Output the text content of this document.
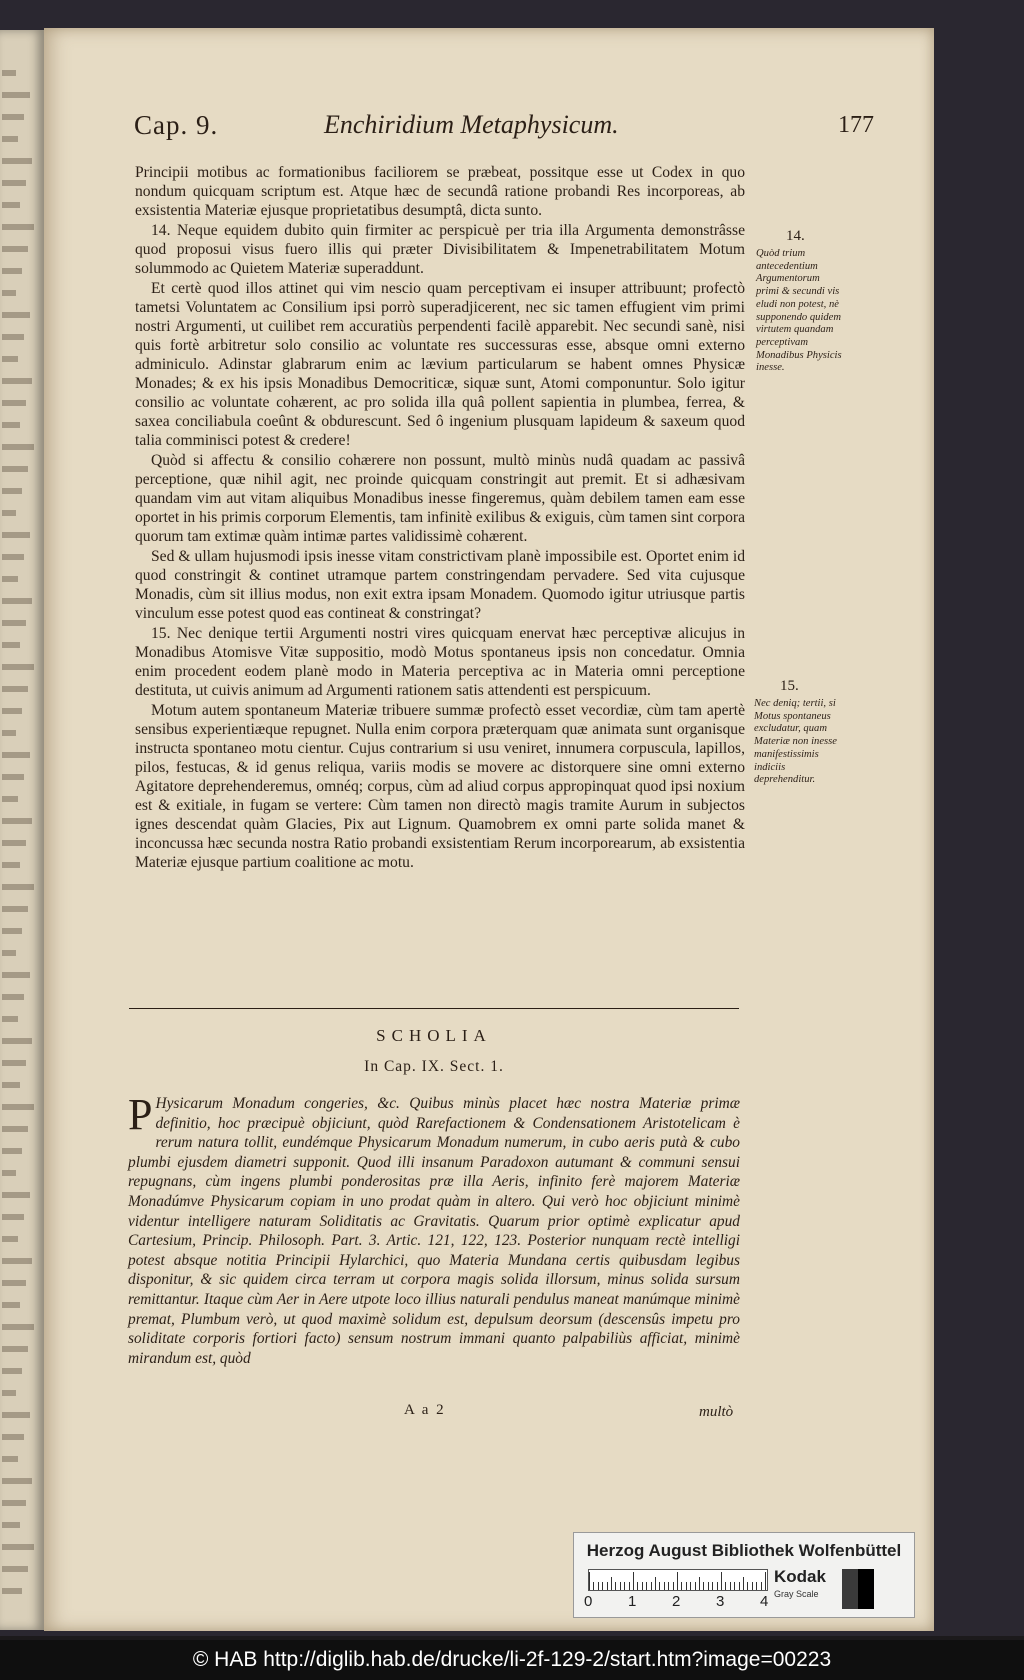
Cap. 9.	Enchiridium Metaphysicum.	177

Principii motibus ac formationibus faciliorem se præbeat, possitque esse ut Codex in quo nondum quicquam scriptum est. Atque hæc de secundâ ratione probandi Res incorporeas, ab exsistentia Materiæ ejusque proprietatibus desumptâ, dicta sunto.

14. Neque equidem dubito quin firmiter ac perspicuè per tria illa Argumenta demonstrâsse quod proposui visus fuero illis qui præter Divisibilitatem & Impenetrabilitatem Motum solummodo ac Quietem Materiæ superaddunt.

Et certè quod illos attinet qui vim nescio quam perceptivam ei insuper attribuunt; profectò tametsi Voluntatem ac Consilium ipsi porrò superadjicerent, nec sic tamen effugient vim primi nostri Argumenti, ut cuilibet rem accuratiùs perpendenti facilè apparebit. Nec secundi sanè, nisi quis fortè arbitretur solo consilio ac voluntate res successuras esse, absque omni externo adminiculo. Adinstar glabrarum enim ac lævium particularum se habent omnes Physicæ Monades; & ex his ipsis Monadibus Democriticæ, siquæ sunt, Atomi componuntur. Solo igitur consilio ac voluntate cohærent, ac pro solida illa quâ pollent sapientia in plumbea, ferrea, & saxea conciliabula coeûnt & obdurescunt. Sed ô ingenium plusquam lapideum & saxeum quod talia comminisci potest & credere!

Quòd si affectu & consilio cohærere non possunt, multò minùs nudâ quadam ac passivâ perceptione, quæ nihil agit, nec proinde quicquam constringit aut premit. Et si adhæsivam quandam vim aut vitam aliquibus Monadibus inesse fingeremus, quàm debilem tamen eam esse oportet in his primis corporum Elementis, tam infinitè exilibus & exiguis, cùm tamen sint corpora quorum tam extimæ quàm intimæ partes validissimè cohærent.

Sed & ullam hujusmodi ipsis inesse vitam constrictivam planè impossibile est. Oportet enim id quod constringit & continet utramque partem constringendam pervadere. Sed vita cujusque Monadis, cùm sit illius modus, non exit extra ipsam Monadem. Quomodo igitur utriusque partis vinculum esse potest quod eas contineat & constringat?

15. Nec denique tertii Argumenti nostri vires quicquam enervat hæc perceptivæ alicujus in Monadibus Atomisve Vitæ suppositio, modò Motus spontaneus ipsis non concedatur. Omnia enim procedent eodem planè modo in Materia perceptiva ac in Materia omni perceptione destituta, ut cuivis animum ad Argumenti rationem satis attendenti est perspicuum.

Motum autem spontaneum Materiæ tribuere summæ profectò esset vecordiæ, cùm tam apertè sensibus experientiæque repugnet. Nulla enim corpora præterquam quæ animata sunt organisque instructa spontaneo motu cientur. Cujus contrarium si usu veniret, innumera corpuscula, lapillos, pilos, festucas, & id genus reliqua, variis modis se movere ac distorquere sine omni externo Agitatore deprehenderemus, omnéq; corpus, cùm ad aliud corpus appropinquat quod ipsi noxium est & exitiale, in fugam se vertere: Cùm tamen non directò magis tramite Aurum in subjectos ignes descendat quàm Glacies, Pix aut Lignum. Quamobrem ex omni parte solida manet & inconcussa hæc secunda nostra Ratio probandi exsistentiam Rerum incorporearum, ab exsistentia Materiæ ejusque partium coalitione ac motu.

14.
Quòd trium antecedentium Argumentorum primi & secundi vis eludi non potest, nè supponendo quidem virtutem quandam perceptivam Monadibus Physicis inesse.
15.
Nec deniq; tertii, si Motus spontaneus excludatur, quam Materiæ non inesse manifestissimis indiciis deprehenditur.
SCHOLIA
In Cap. IX. Sect. 1.
P Hysicarum Monadum congeries, &c. Quibus minùs placet hæc nostra Materiæ primæ definitio, hoc præcipuè objiciunt, quòd Rarefactionem & Condensationem Aristotelicam è rerum natura tollit, eundémque Physicarum Monadum numerum, in cubo aeris putà & cubo plumbi ejusdem diametri supponit. Quod illi insanum Paradoxon autumant & communi sensui repugnans, cùm ingens plumbi ponderositas præ illa Aeris, infinito ferè majorem Materiæ Monadúmve Physicarum copiam in uno prodat quàm in altero. Qui verò hoc objiciunt minimè videntur intelligere naturam Soliditatis ac Gravitatis. Quarum prior optimè explicatur apud Cartesium, Princip. Philosoph. Part. 3. Artic. 121, 122, 123. Posterior nunquam rectè intelligi potest absque notitia Principii Hylarchici, quo Materia Mundana certis quibusdam legibus disponitur, & sic quidem circa terram ut corpora magis solida illorsum, minus solida sursum remittantur. Itaque cùm Aer in Aere utpote loco illius naturali pendulus maneat manúmque minimè premat, Plumbum verò, ut quod maximè solidum est, depulsum deorsum (descensûs impetu pro soliditate corporis fortiori facto) sensum nostrum immani quanto palpabiliùs afficiat, minimè mirandum est, quòd
A a 2	multò
Herzog August Bibliothek Wolfenbüttel
0 1 2 3 4
Kodak
Gray Scale
© HAB http://diglib.hab.de/drucke/li-2f-129-2/start.htm?image=00223
